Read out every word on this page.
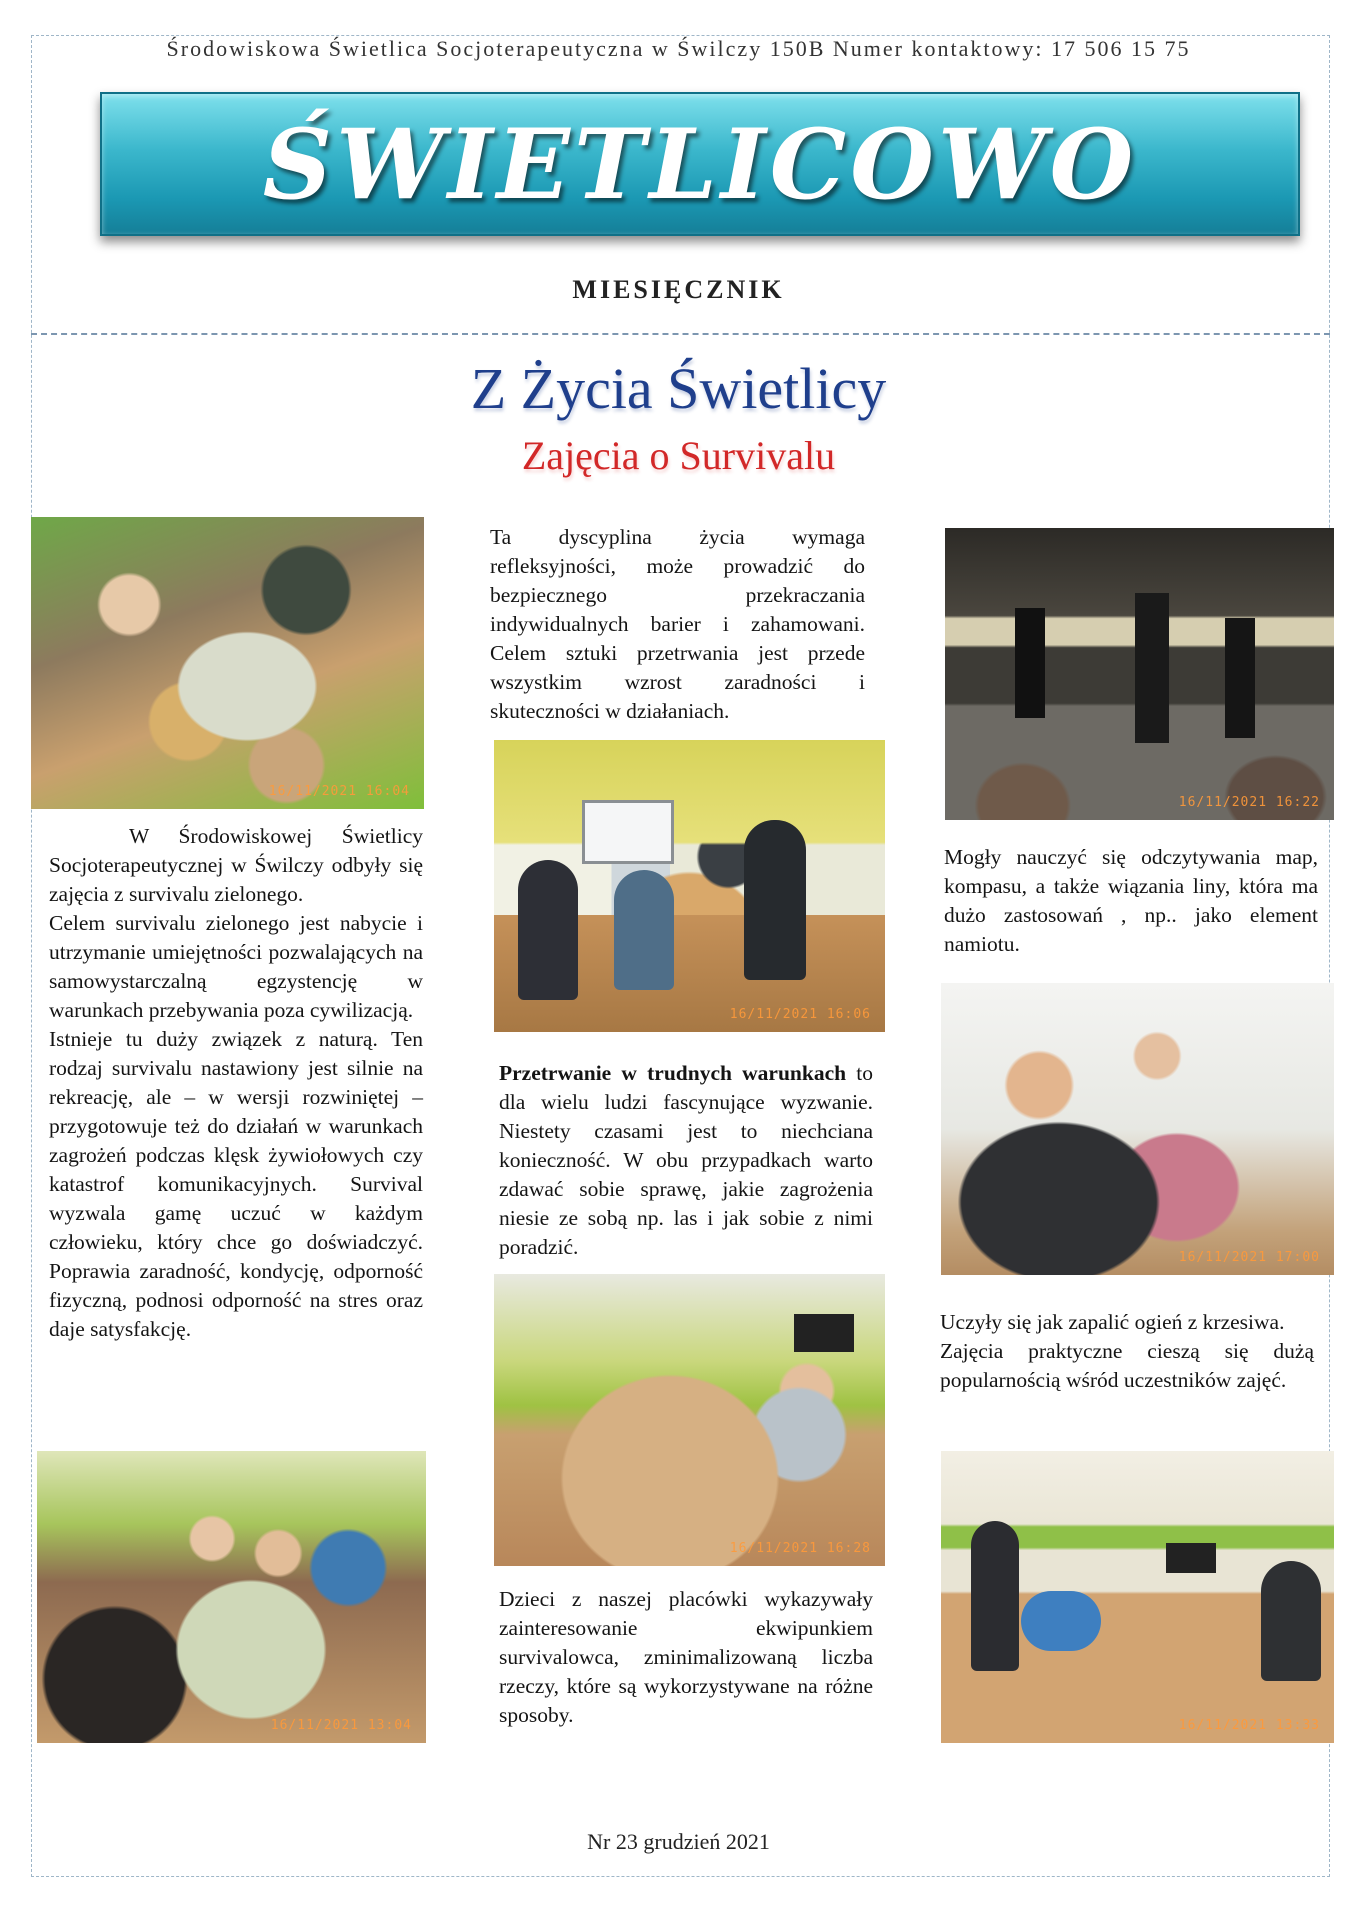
Środowiskowa Świetlica Socjoterapeutyczna w Świlczy 150B Numer kontaktowy: 17 506 15 75
ŚWIETLICOWO
MIESIĘCZNIK
Z Życia Świetlicy
Zajęcia o Survivalu
16/11/2021 16:04
16/11/2021 16:06
16/11/2021 16:22
16/11/2021 17:00
16/11/2021 16:28
16/11/2021 13:04	16/11/2021 13:33

W Środowiskowej Świetlicy Socjoterapeutycznej w Świlczy odbyły się zajęcia z survivalu zielonego.

Celem survivalu zielonego jest nabycie i utrzymanie umiejętności pozwalających na samowystarczalną egzystencję w warunkach przebywania poza cywilizacją.

Istnieje tu duży związek z naturą. Ten rodzaj survivalu nastawiony jest silnie na rekreację, ale – w wersji rozwiniętej – przygotowuje też do działań w warunkach zagrożeń podczas klęsk żywiołowych czy katastrof komunikacyjnych. Survival wyzwala gamę uczuć w każdym człowieku, który chce go doświadczyć. Poprawia zaradność, kondycję, odporność fizyczną, podnosi odporność na stres oraz daje satysfakcję.

Ta dyscyplina życia wymaga refleksyjności, może prowadzić do bezpiecznego przekraczania indywidualnych barier i zahamowani. Celem sztuki przetrwania jest przede wszystkim wzrost zaradności i skuteczności w działaniach.

Przetrwanie w trudnych warunkach to dla wielu ludzi fascynujące wyzwanie. Niestety czasami jest to niechciana konieczność. W obu przypadkach warto zdawać sobie sprawę, jakie zagrożenia niesie ze sobą np. las i jak sobie z nimi poradzić.

Dzieci z naszej placówki wykazywały zainteresowanie ekwipunkiem survivalowca, zminimalizowaną liczba rzeczy, które są wykorzystywane na różne sposoby.

Mogły nauczyć się odczytywania map, kompasu, a także wiązania liny, która ma dużo zastosowań , np.. jako element namiotu.

Uczyły się jak zapalić ogień z krzesiwa.

Zajęcia praktyczne cieszą się dużą popularnością wśród uczestników zajęć.

Nr 23 grudzień 2021
